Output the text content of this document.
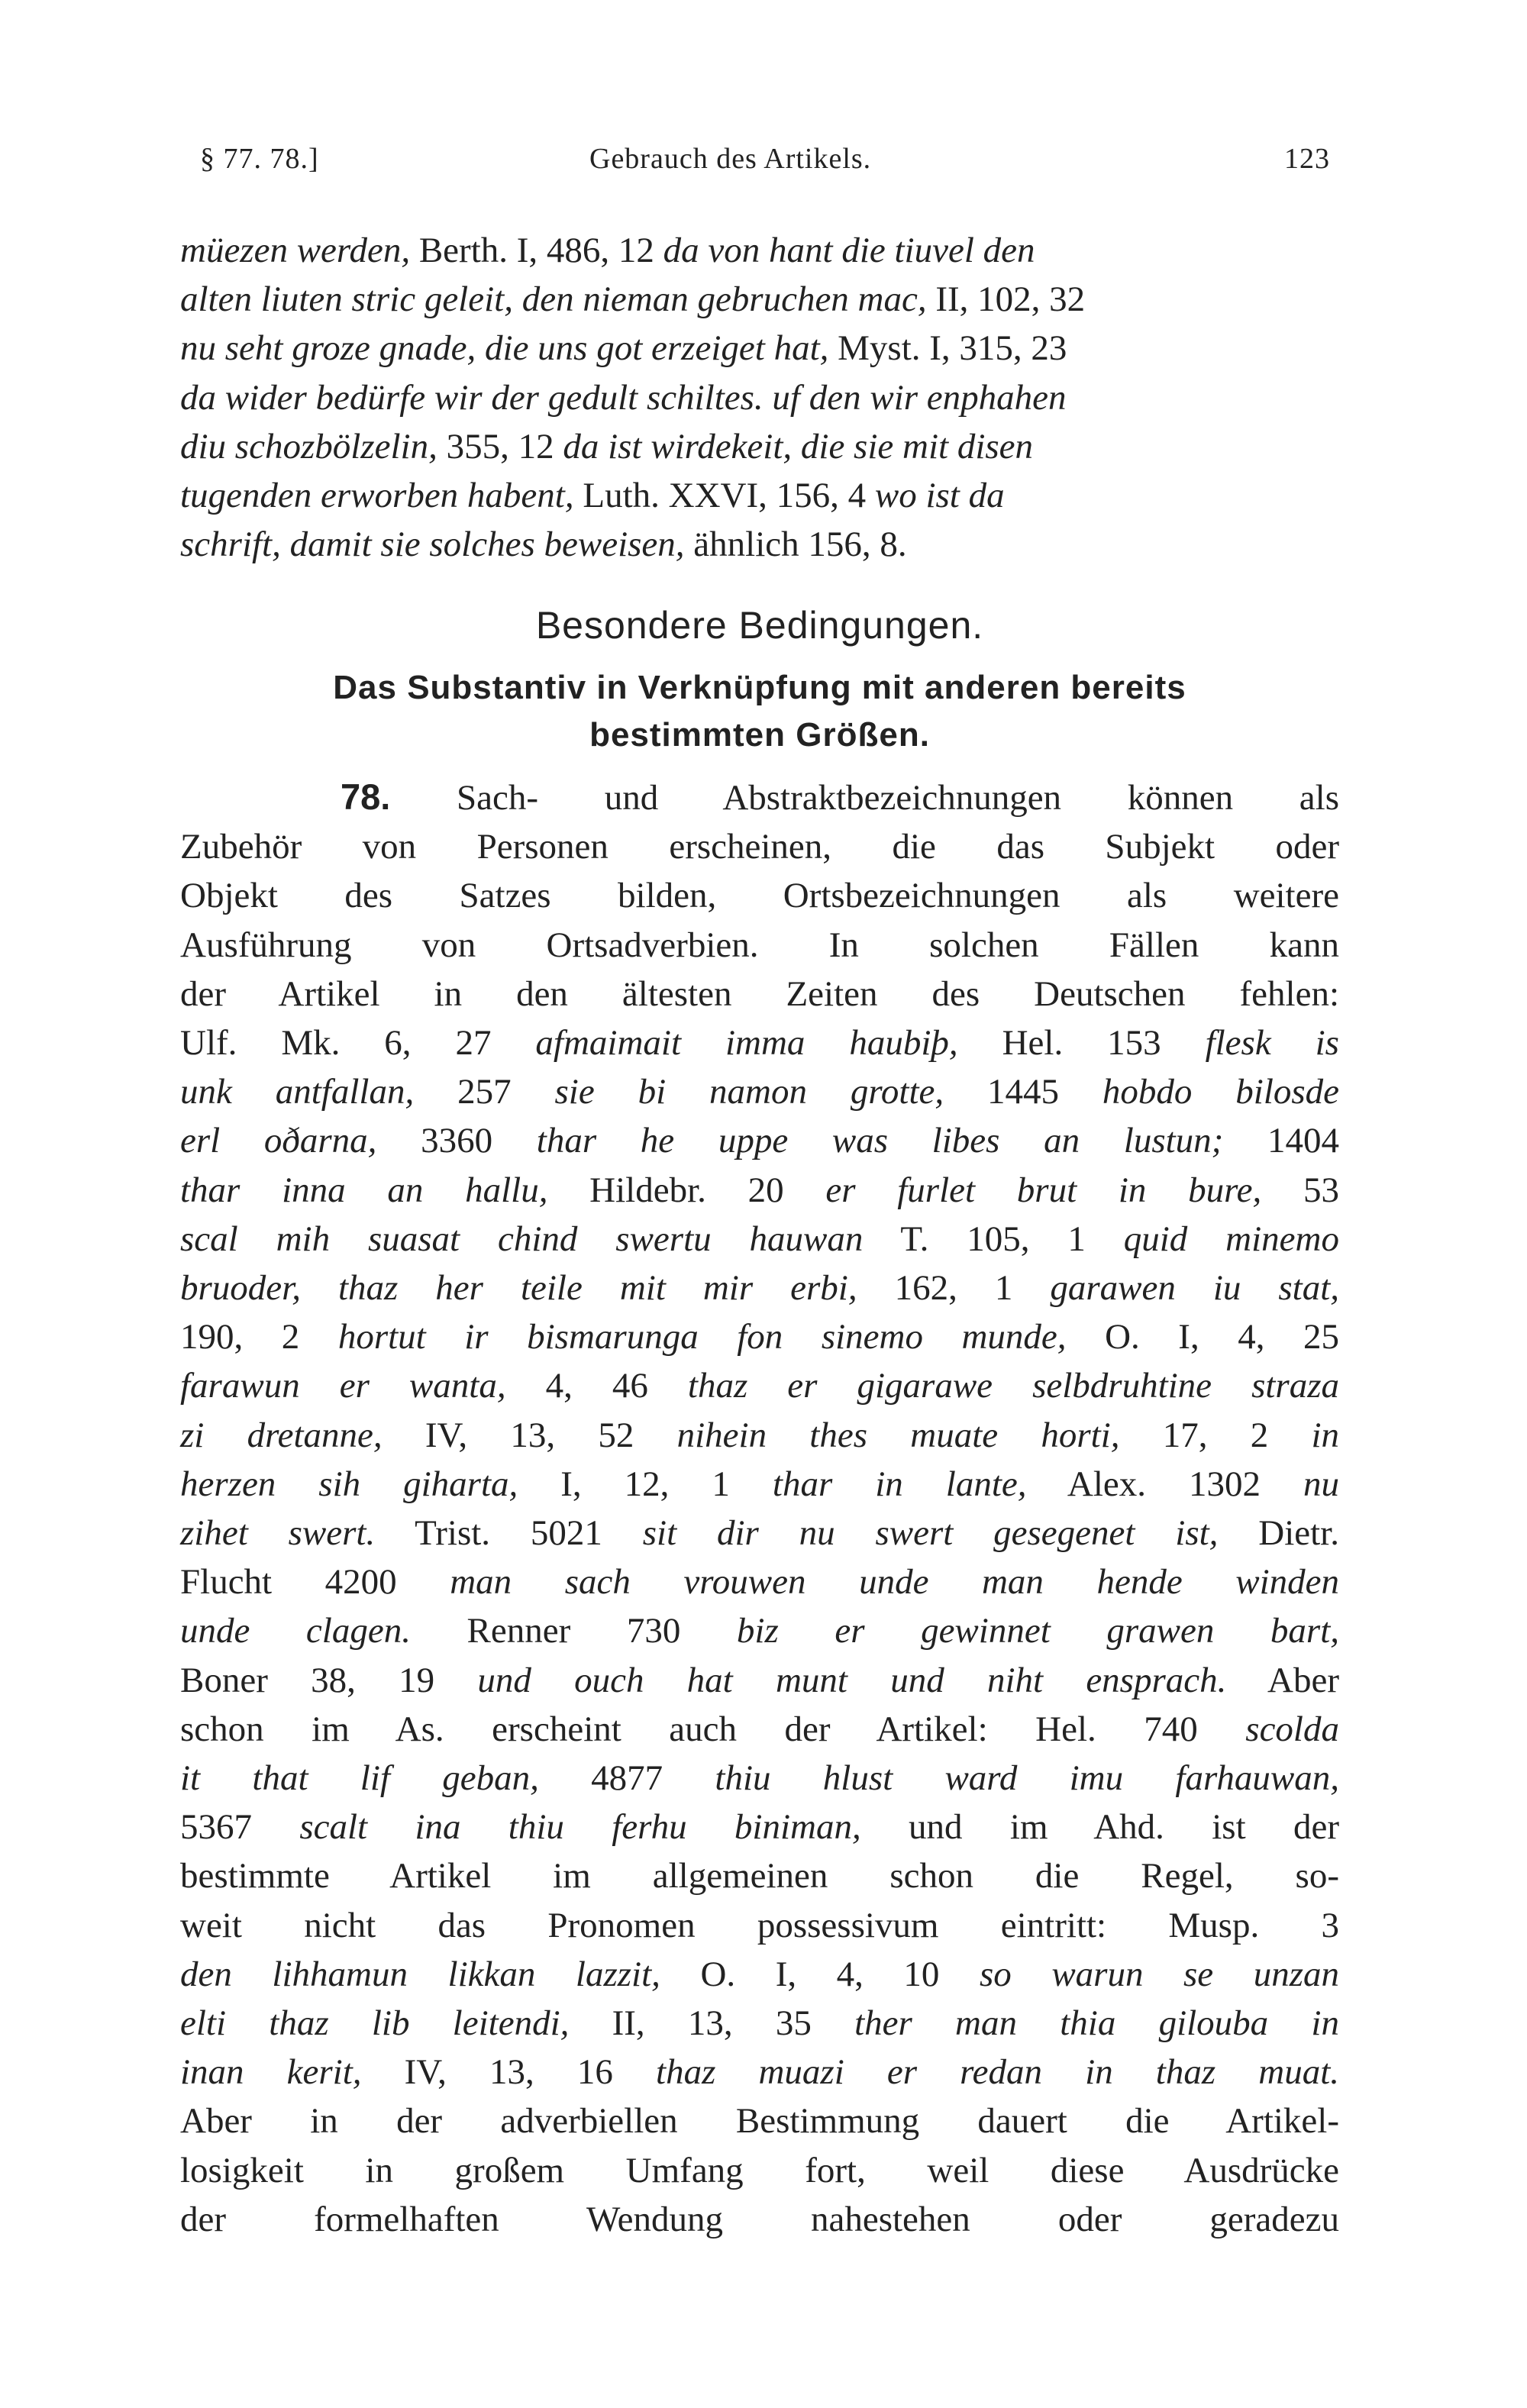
§ 77. 78.]	Gebrauch des Artikels.	123

müezen werden, Berth. I, 486, 12 da von hant die tiuvel den

alten liuten stric geleit, den nieman gebruchen mac, II, 102, 32

nu seht groze gnade, die uns got erzeiget hat, Myst. I, 315, 23

da wider bedürfe wir der gedult schiltes. uf den wir enphahen

diu schozbölzelin, 355, 12 da ist wirdekeit, die sie mit disen

tugenden erworben habent, Luth. XXVI, 156, 4 wo ist da

schrift, damit sie solches beweisen, ähnlich 156, 8.

Besondere Bedingungen.
Das Substantiv in Verknüpfung mit anderen bereits
bestimmten Größen.

78. Sach- und Abstraktbezeichnungen können als

Zubehör von Personen erscheinen, die das Subjekt oder

Objekt des Satzes bilden, Ortsbezeichnungen als weitere

Ausführung von Ortsadverbien. In solchen Fällen kann

der Artikel in den ältesten Zeiten des Deutschen fehlen:

Ulf. Mk. 6, 27 afmaimait imma haubiþ, Hel. 153 flesk is

unk antfallan, 257 sie bi namon grotte, 1445 hobdo bilosde

erl oðarna, 3360 thar he uppe was libes an lustun; 1404

thar inna an hallu, Hildebr. 20 er furlet brut in bure, 53

scal mih suasat chind swertu hauwan T. 105, 1 quid minemo

bruoder, thaz her teile mit mir erbi, 162, 1 garawen iu stat,

190, 2 hortut ir bismarunga fon sinemo munde, O. I, 4, 25

farawun er wanta, 4, 46 thaz er gigarawe selbdruhtine straza

zi dretanne, IV, 13, 52 nihein thes muate horti, 17, 2 in

herzen sih giharta, I, 12, 1 thar in lante, Alex. 1302 nu

zihet swert. Trist. 5021 sit dir nu swert gesegenet ist, Dietr.

Flucht 4200 man sach vrouwen unde man hende winden

unde clagen. Renner 730 biz er gewinnet grawen bart,

Boner 38, 19 und ouch hat munt und niht ensprach. Aber

schon im As. erscheint auch der Artikel: Hel. 740 scolda

it that lif geban, 4877 thiu hlust ward imu farhauwan,

5367 scalt ina thiu ferhu biniman, und im Ahd. ist der

bestimmte Artikel im allgemeinen schon die Regel, so-

weit nicht das Pronomen possessivum eintritt: Musp. 3

den lihhamun likkan lazzit, O. I, 4, 10 so warun se unzan

elti thaz lib leitendi, II, 13, 35 ther man thia gilouba in

inan kerit, IV, 13, 16 thaz muazi er redan in thaz muat.

Aber in der adverbiellen Bestimmung dauert die Artikel-

losigkeit in großem Umfang fort, weil diese Ausdrücke

der formelhaften Wendung nahestehen oder geradezu
